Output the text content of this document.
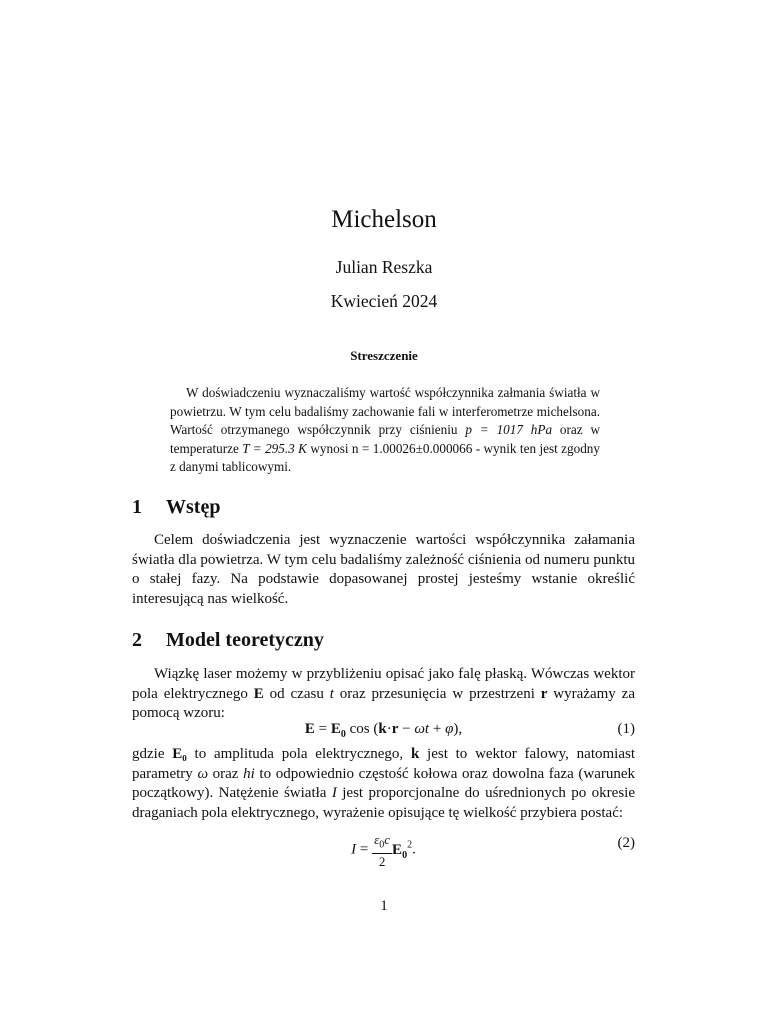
Michelson
Julian Reszka
Kwiecień 2024
Streszczenie

W doświadczeniu wyznaczaliśmy wartość współczynnika załmania światła w powietrzu. W tym celu badaliśmy zachowanie fali w interferometrze michelsona. Wartość otrzymanego współczynnik przy ciśnieniu p = 1017 hPa oraz w temperaturze T = 295.3 K wynosi n = 1.00026±0.000066 - wynik ten jest zgodny z danymi tablicowymi.

1 Wstęp

Celem doświadczenia jest wyznaczenie wartości współczynnika załamania światła dla powietrza. W tym celu badaliśmy zależność ciśnienia od numeru punktu o stałej fazy. Na podstawie dopasowanej prostej jesteśmy wstanie określić interesującą nas wielkość.

2 Model teoretyczny

Wiązkę laser możemy w przybliżeniu opisać jako falę płaską. Wówczas wektor pola elektrycznego E od czasu t oraz przesunięcia w przestrzeni r wyrażamy za pomocą wzoru:

$E = E_0$ cos (k·r − ωt + φ),	(1)

gdzie E₀ to amplituda pola elektrycznego, k jest to wektor falowy, natomiast parametry ω oraz hi to odpowiednio częstość kołowa oraz dowolna faza (warunek początkowy). Natężenie światła I jest proporcjonalne do uśrednionych po okresie draganiach pola elektrycznego, wyrażenie opisujące tę wielkość przybiera postać:

$I = \frac{\varepsilon_0c}{2} E_0^2$.	(2)
1
